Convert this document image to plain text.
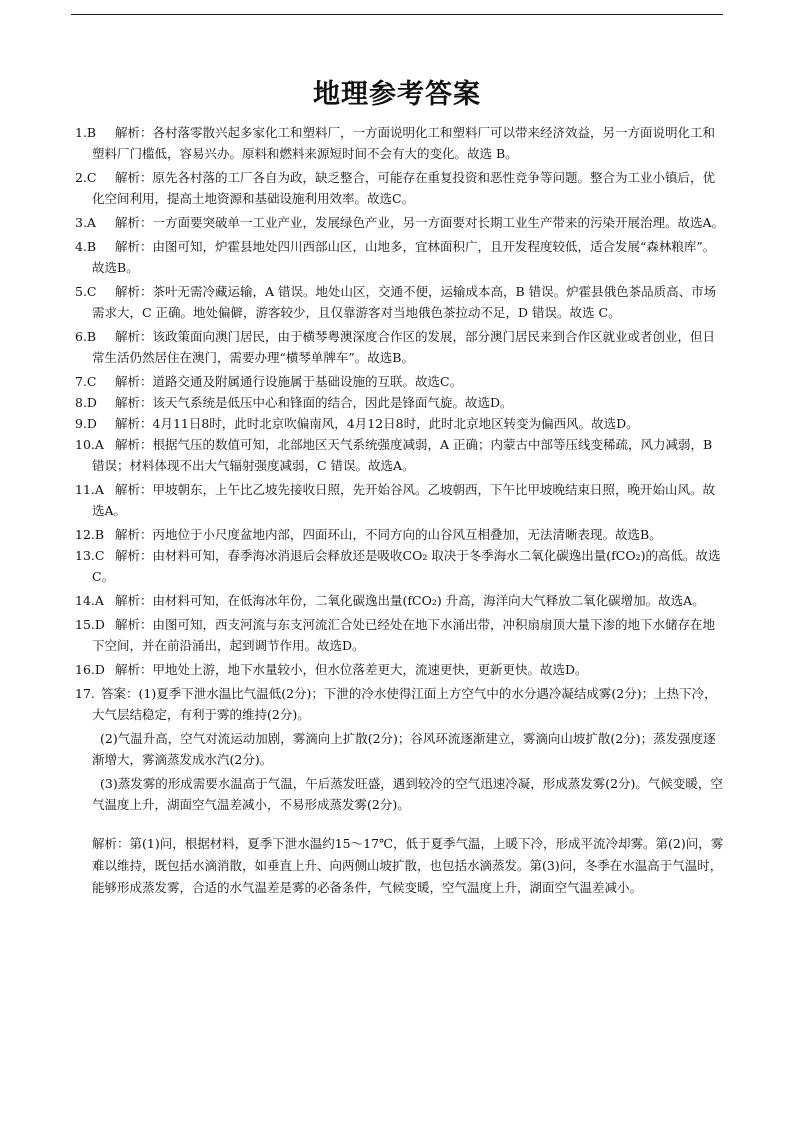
地理参考答案

1.B 解析：各村落零散兴起多家化工和塑料厂，一方面说明化工和塑料厂可以带来经济效益，另一方面说明化工和塑料厂门槛低，容易兴办。原料和燃料来源短时间不会有大的变化。故选 B。

2.C 解析：原先各村落的工厂各自为政，缺乏整合，可能存在重复投资和恶性竞争等问题。整合为工业小镇后，优化空间利用，提高土地资源和基础设施利用效率。故选C。

3.A 解析：一方面要突破单一工业产业，发展绿色产业，另一方面要对长期工业生产带来的污染开展治理。故选A。

4.B 解析：由图可知，炉霍县地处四川西部山区，山地多，宜林面积广，且开发程度较低，适合发展“森林粮库”。故选B。

5.C 解析：茶叶无需冷藏运输，A 错误。地处山区，交通不便，运输成本高，B 错误。炉霍县俄色茶品质高、市场需求大，C 正确。地处偏僻，游客较少，且仅靠游客对当地俄色茶拉动不足，D 错误。故选 C。

6.B 解析：该政策面向澳门居民，由于横琴粤澳深度合作区的发展，部分澳门居民来到合作区就业或者创业，但日常生活仍然居住在澳门，需要办理“横琴单牌车”。故选B。

7.C 解析：道路交通及附属通行设施属于基础设施的互联。故选C。

8.D 解析：该天气系统是低压中心和锋面的结合，因此是锋面气旋。故选D。

9.D 解析：4月11日8时，此时北京吹偏南风，4月12日8时，此时北京地区转变为偏西风。故选D。

10.A 解析：根据气压的数值可知，北部地区天气系统强度减弱，A 正确；内蒙古中部等压线变稀疏，风力减弱，B 错误；材料体现不出大气辐射强度减弱，C 错误。故选A。

11.A 解析：甲坡朝东，上午比乙坡先接收日照，先开始谷风。乙坡朝西，下午比甲坡晚结束日照，晚开始山风。故选A。

12.B 解析：丙地位于小尺度盆地内部，四面环山，不同方向的山谷风互相叠加，无法清晰表现。故选B。

13.C 解析：由材料可知，春季海冰消退后会释放还是吸收CO₂ 取决于冬季海水二氧化碳逸出量(fCO₂)的高低。故选C。

14.A 解析：由材料可知，在低海冰年份，二氧化碳逸出量(fCO₂) 升高，海洋向大气释放二氧化碳增加。故选A。

15.D 解析：由图可知，西支河流与东支河流汇合处已经处在地下水涌出带，冲积扇扇顶大量下渗的地下水储存在地下空间，并在前沿涌出，起到调节作用。故选D。

16.D 解析：甲地处上游，地下水量较小，但水位落差更大，流速更快，更新更快。故选D。

17. 答案：(1)夏季下泄水温比气温低(2分)；下泄的冷水使得江面上方空气中的水分遇冷凝结成雾(2分)；上热下冷，大气层结稳定，有利于雾的维持(2分)。

(2)气温升高，空气对流运动加剧，雾滴向上扩散(2分)；谷风环流逐渐建立，雾滴向山坡扩散(2分)；蒸发强度逐渐增大，雾滴蒸发成水汽(2分)。

(3)蒸发雾的形成需要水温高于气温，午后蒸发旺盛，遇到较冷的空气迅速冷凝，形成蒸发雾(2分)。气候变暖，空气温度上升，湖面空气温差减小，不易形成蒸发雾(2分)。

解析：第(1)问，根据材料，夏季下泄水温约15～17℃，低于夏季气温，上暖下冷，形成平流冷却雾。第(2)问，雾难以维持，既包括水滴消散，如垂直上升、向两侧山坡扩散，也包括水滴蒸发。第(3)问，冬季在水温高于气温时，能够形成蒸发雾，合适的水气温差是雾的必备条件，气候变暖，空气温度上升，湖面空气温差减小。
